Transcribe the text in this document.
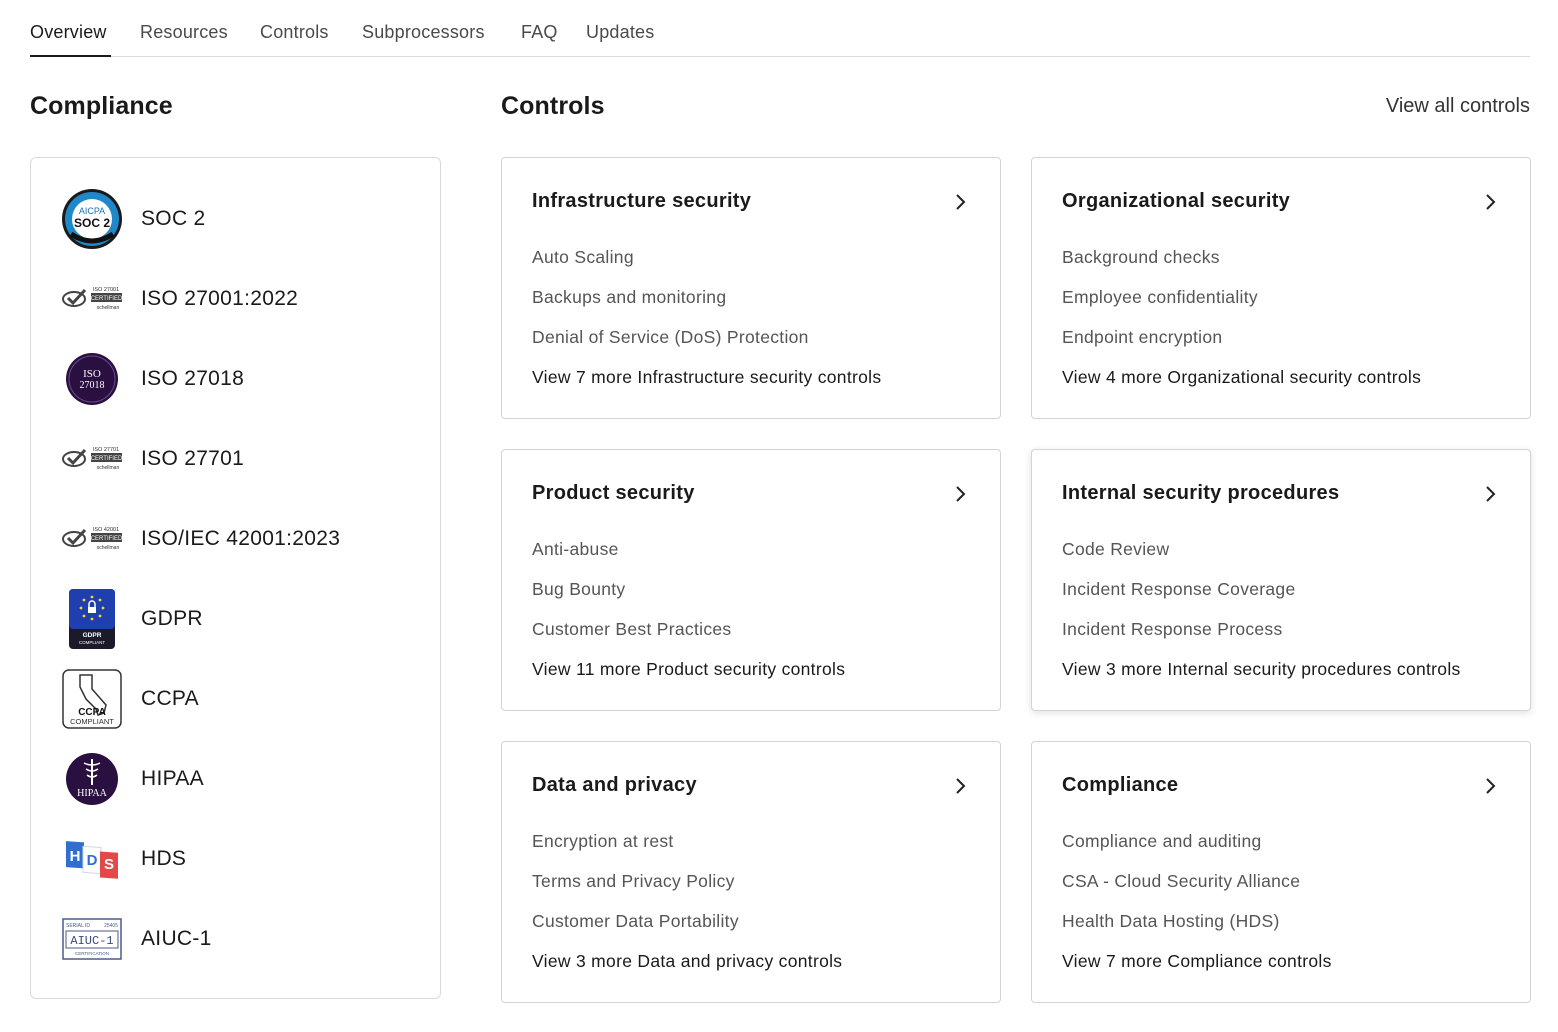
Overview Resources Controls Subprocessors FAQ Updates
Compliance	Controls	View all controls
AICPA
SOC 2 SOC 2
ISO 27001
CERTIFIED
schellman ISO 27001:2022
ISO
27018 ISO 27018
ISO 27701
CERTIFIED
schellman ISO 27701
ISO 42001
CERTIFIED
schellman ISO/IEC 42001:2023
GDPR
COMPLIANT
GDPR
CCPA
COMPLIANT
CCPA
HIPAA
HIPAA
H D S HDS
SERIAL ID	25405
AIUC-1
CERTIFICATION
AIUC-1
Infrastructure security
Auto Scaling
Backups and monitoring
Denial of Service (DoS) Protection
View 7 more Infrastructure security controls
Organizational security
Background checks
Employee confidentiality
Endpoint encryption
View 4 more Organizational security controls
Product security
Anti-abuse
Bug Bounty
Customer Best Practices
View 11 more Product security controls
Internal security procedures
Code Review
Incident Response Coverage
Incident Response Process
View 3 more Internal security procedures controls
Data and privacy
Encryption at rest
Terms and Privacy Policy
Customer Data Portability
View 3 more Data and privacy controls
Compliance
Compliance and auditing
CSA - Cloud Security Alliance
Health Data Hosting (HDS)
View 7 more Compliance controls
